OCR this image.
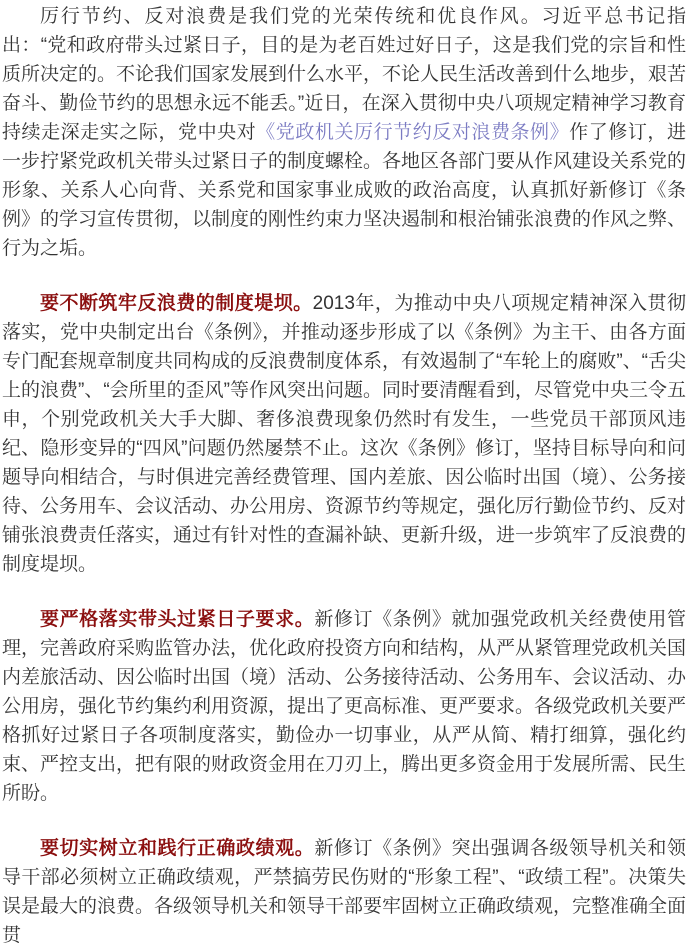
厉行节约、反对浪费是我们党的光荣传统和优良作风。习近平总书记指出：“党和政府带头过紧日子，目的是为老百姓过好日子，这是我们党的宗旨和性质所决定的。不论我们国家发展到什么水平，不论人民生活改善到什么地步，艰苦奋斗、勤俭节约的思想永远不能丢。”近日，在深入贯彻中央八项规定精神学习教育持续走深走实之际，党中央对《党政机关厉行节约反对浪费条例》作了修订，进一步拧紧党政机关带头过紧日子的制度螺栓。各地区各部门要从作风建设关系党的形象、关系人心向背、关系党和国家事业成败的政治高度，认真抓好新修订《条例》的学习宣传贯彻，以制度的刚性约束力坚决遏制和根治铺张浪费的作风之弊、行为之垢。

要不断筑牢反浪费的制度堤坝。2013年，为推动中央八项规定精神深入贯彻落实，党中央制定出台《条例》，并推动逐步形成了以《条例》为主干、由各方面专门配套规章制度共同构成的反浪费制度体系，有效遏制了“车轮上的腐败”、“舌尖上的浪费”、“会所里的歪风”等作风突出问题。同时要清醒看到，尽管党中央三令五申，个别党政机关大手大脚、奢侈浪费现象仍然时有发生，一些党员干部顶风违纪、隐形变异的“四风”问题仍然屡禁不止。这次《条例》修订，坚持目标导向和问题导向相结合，与时俱进完善经费管理、国内差旅、因公临时出国（境）、公务接待、公务用车、会议活动、办公用房、资源节约等规定，强化厉行勤俭节约、反对铺张浪费责任落实，通过有针对性的查漏补缺、更新升级，进一步筑牢了反浪费的制度堤坝。

要严格落实带头过紧日子要求。新修订《条例》就加强党政机关经费使用管理，完善政府采购监管办法，优化政府投资方向和结构，从严从紧管理党政机关国内差旅活动、因公临时出国（境）活动、公务接待活动、公务用车、会议活动、办公用房，强化节约集约利用资源，提出了更高标准、更严要求。各级党政机关要严格抓好过紧日子各项制度落实，勤俭办一切事业，从严从简、精打细算，强化约束、严控支出，把有限的财政资金用在刀刃上，腾出更多资金用于发展所需、民生所盼。

要切实树立和践行正确政绩观。新修订《条例》突出强调各级领导机关和领导干部必须树立正确政绩观，严禁搞劳民伤财的“形象工程”、“政绩工程”。决策失误是最大的浪费。各级领导机关和领导干部要牢固树立正确政绩观，完整准确全面贯
